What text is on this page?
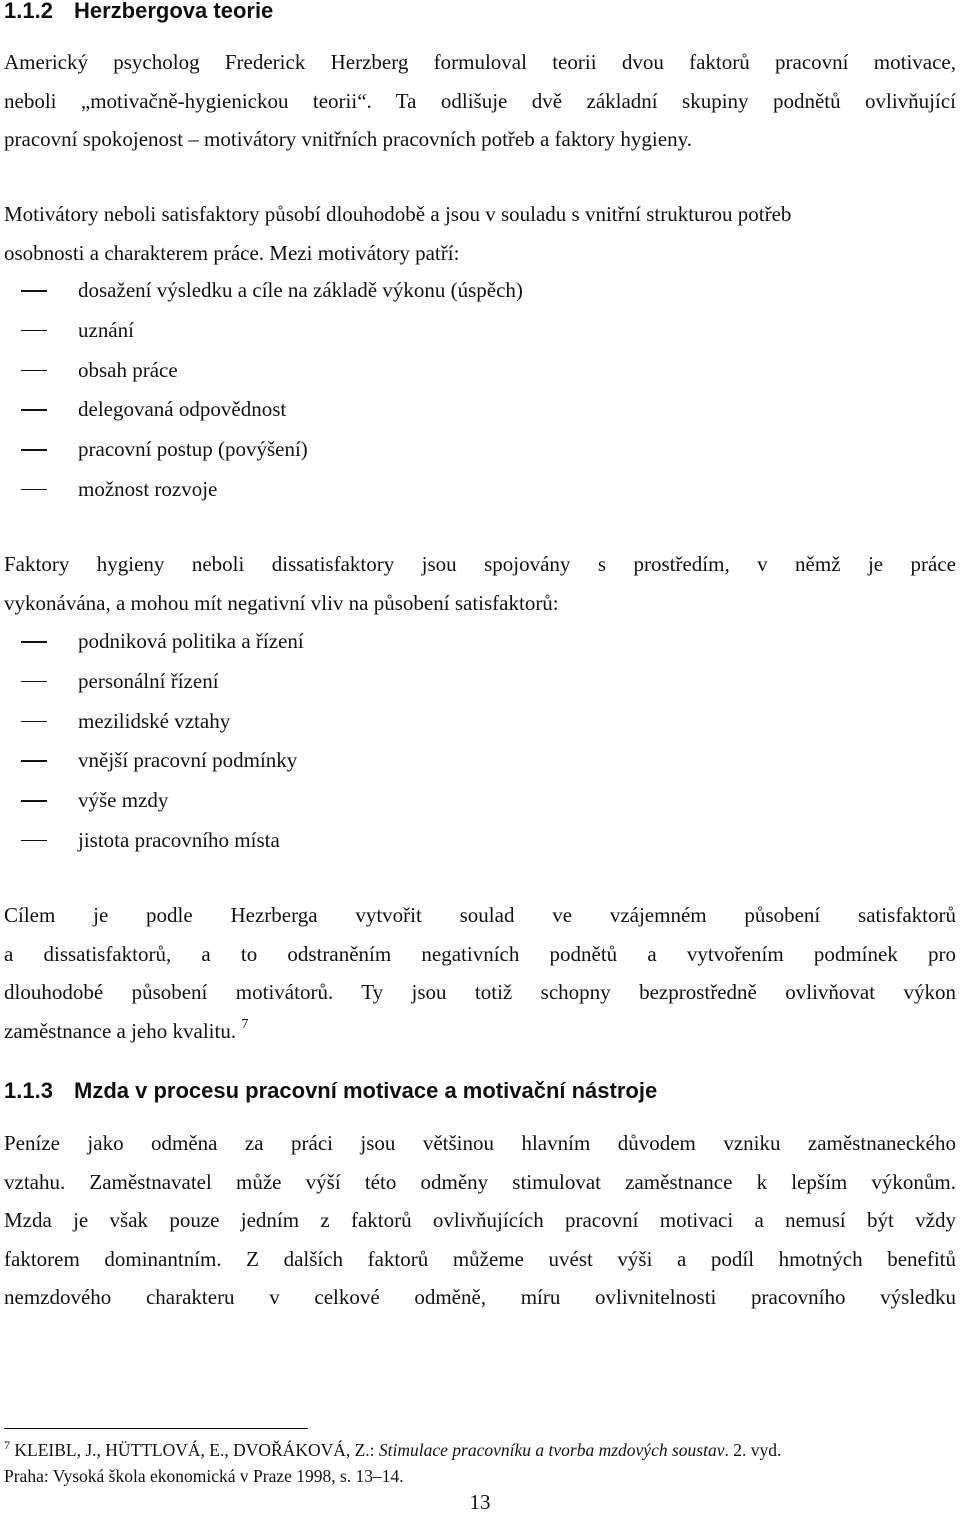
1.1.2 Herzbergova teorie

Americký psycholog Frederick Herzberg formuloval teorii dvou faktorů pracovní motivace,
neboli „motivačně-hygienickou teorii“. Ta odlišuje dvě základní skupiny podnětů ovlivňující
pracovní spokojenost – motivátory vnitřních pracovních potřeb a faktory hygieny.

Motivátory neboli satisfaktory působí dlouhodobě a jsou v souladu s vnitřní strukturou potřeb
osobnosti a charakterem práce. Mezi motivátory patří:

dosažení výsledku a cíle na základě výkonu (úspěch)
uznání
obsah práce
delegovaná odpovědnost
pracovní postup (povýšení)
možnost rozvoje

Faktory hygieny neboli dissatisfaktory jsou spojovány s prostředím, v němž je práce
vykonávána, a mohou mít negativní vliv na působení satisfaktorů:

podniková politika a řízení
personální řízení
mezilidské vztahy
vnější pracovní podmínky
výše mzdy
jistota pracovního místa

Cílem je podle Hezrberga vytvořit soulad ve vzájemném působení satisfaktorů
a dissatisfaktorů, a to odstraněním negativních podnětů a vytvořením podmínek pro
dlouhodobé působení motivátorů. Ty jsou totiž schopny bezprostředně ovlivňovat výkon
zaměstnance a jeho kvalitu. $^7$

1.1.3 Mzda v procesu pracovní motivace a motivační nástroje

Peníze jako odměna za práci jsou většinou hlavním důvodem vzniku zaměstnaneckého
vztahu. Zaměstnavatel může výší této odměny stimulovat zaměstnance k lepším výkonům.
Mzda je však pouze jedním z faktorů ovlivňujících pracovní motivaci a nemusí být vždy
faktorem dominantním. Z dalších faktorů můžeme uvést výši a podíl hmotných benefitů
nemzdového charakteru v celkové odměně, míru ovlivnitelnosti pracovního výsledku

$^7$ KLEIBL, J., HÜTTLOVÁ, E., DVOŘÁKOVÁ, Z.: Stimulace pracovníku a tvorba mzdových soustav. 2. vyd.
Praha: Vysoká škola ekonomická v Praze 1998, s. 13–14.
13
